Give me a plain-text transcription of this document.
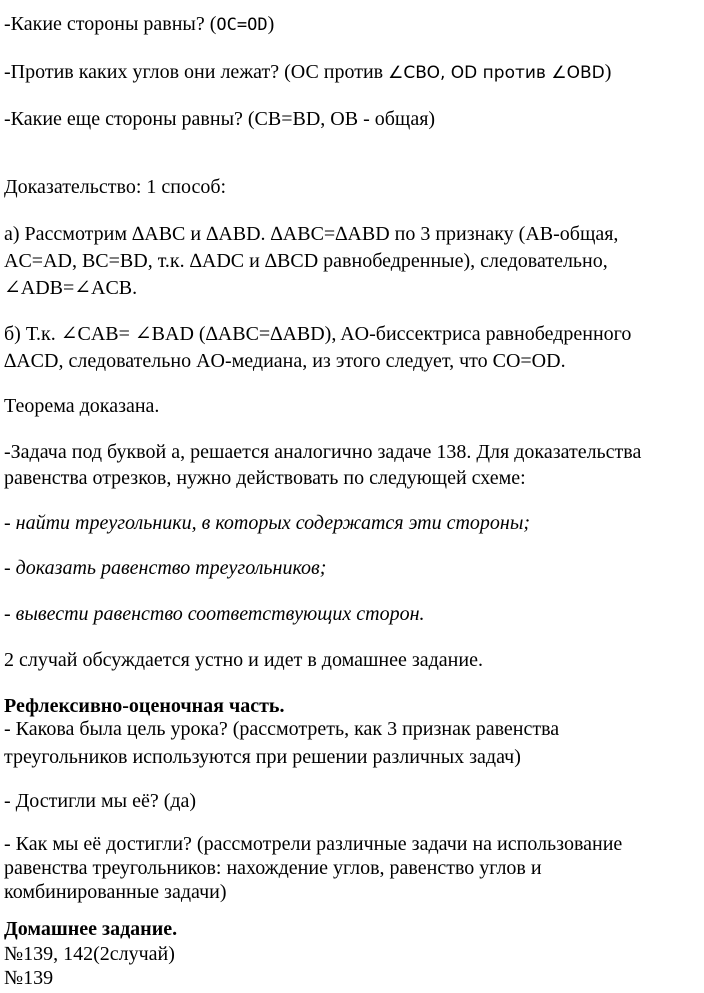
-Какие стороны равны? (OC=OD)
-Против каких углов они лежат? (ОС против ∠CBO, OD против ∠OBD)
-Какие еще стороны равны? (CB=BD, OB - общая)
Доказательство: 1 способ:
а) Рассмотрим ∆ABC и ∆ABD. ∆ABC=∆ABD по 3 признаку (AB-общая,
AC=AD, BC=BD, т.к. ∆ADC и ∆BCD равнобедренные), следовательно,
∠ADB=∠ACB.
б) Т.к. ∠CAB= ∠BAD (∆ABC=∆ABD), AO-биссектриса равнобедренного
∆ACD, следовательно AO-медиана, из этого следует, что CO=OD.
Теорема доказана.
-Задача под буквой а, решается аналогично задаче 138. Для доказательства
равенства отрезков, нужно действовать по следующей схеме:
- найти треугольники, в которых содержатся эти стороны;
- доказать равенство треугольников;
- вывести равенство соответствующих сторон.
2 случай обсуждается устно и идет в домашнее задание.
Рефлексивно-оценочная часть.
- Какова была цель урока? (рассмотреть, как 3 признак равенства
треугольников используются при решении различных задач)
- Достигли мы её? (да)
- Как мы её достигли? (рассмотрели различные задачи на использование
равенства треугольников: нахождение углов, равенство углов и
комбинированные задачи)
Домашнее задание.
№139, 142(2случай)
№139
